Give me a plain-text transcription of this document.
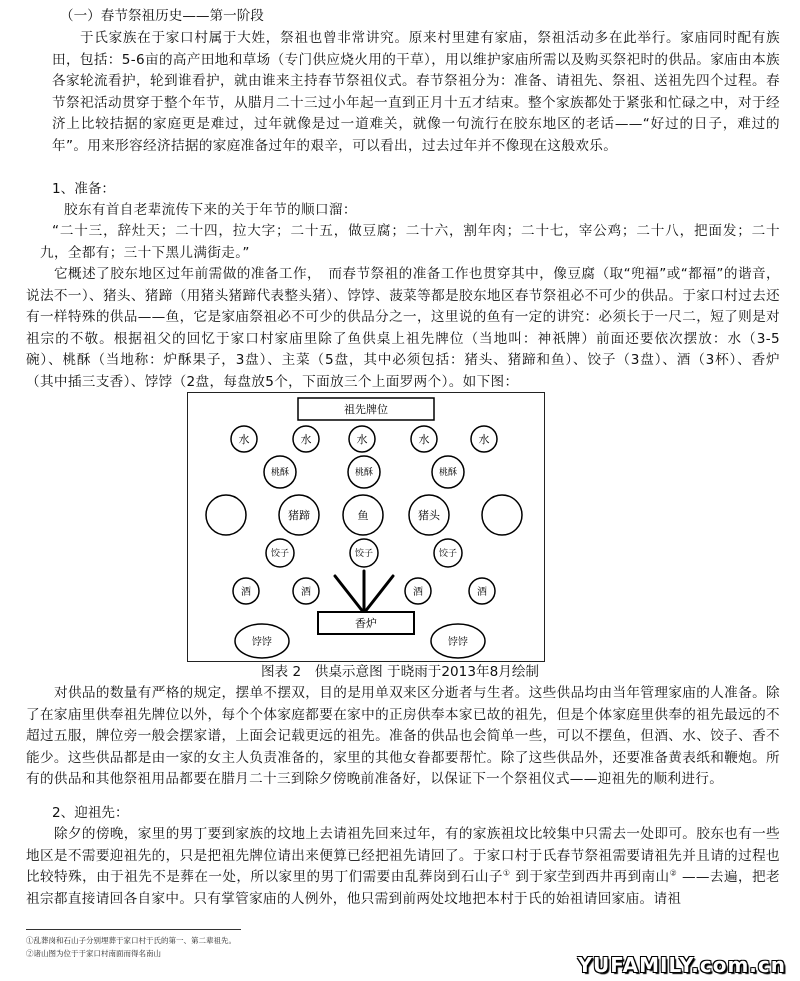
（一）春节祭祖历史——第一阶段

于氏家族在于家口村属于大姓，祭祖也曾非常讲究。原来村里建有家庙，祭祖活动多在此举行。家庙同时配有族田，包括：5-6亩的高产田地和草场（专门供应烧火用的干草），用以维护家庙所需以及购买祭祀时的供品。家庙由本族各家轮流看护，轮到谁看护，就由谁来主持春节祭祖仪式。春节祭祖分为：准备、请祖先、祭祖、送祖先四个过程。春节祭祀活动贯穿于整个年节，从腊月二十三过小年起一直到正月十五才结束。整个家族都处于紧张和忙碌之中，对于经济上比较拮据的家庭更是难过，过年就像是过一道难关，就像一句流行在胶东地区的老话——“好过的日子，难过的年”。用来形容经济拮据的家庭准备过年的艰辛，可以看出，过去过年并不像现在这般欢乐。

1、准备：

胶东有首自老辈流传下来的关于年节的顺口溜：

“二十三，辞灶天；二十四，拉大字；二十五，做豆腐；二十六，割年肉；二十七，宰公鸡；二十八，把面发；二十九，全都有；三十下黑儿满街走。”

它概述了胶东地区过年前需做的准备工作，　而春节祭祖的准备工作也贯穿其中，像豆腐（取“兜福”或“都福”的谐音，说法不一）、猪头、猪蹄（用猪头猪蹄代表整头猪）、饽饽、菠菜等都是胶东地区春节祭祖必不可少的供品。于家口村过去还有一样特殊的供品——鱼，它是家庙祭祖必不可少的供品分之一，这里说的鱼有一定的讲究：必须长于一尺二，短了则是对祖宗的不敬。根据祖父的回忆于家口村家庙里除了鱼供桌上祖先牌位（当地叫：神祇牌）前面还要依次摆放：水（3-5碗）、桃酥（当地称：炉酥果子，3盘）、主菜（5盘，其中必须包括：猪头、猪蹄和鱼）、饺子（3盘）、酒（3杯）、香炉（其中插三支香）、饽饽（2盘，每盘放5个，下面放三个上面罗两个）。如下图：

祖先牌位
水	水	水	水	水
桃酥	桃酥	桃酥
猪蹄	鱼	猪头
饺子	饺子	饺子
酒	酒	酒	酒
香炉
饽饽	饽饽
图表 2　供桌示意图 于晓雨于2013年8月绘制

对供品的数量有严格的规定，摆单不摆双，目的是用单双来区分逝者与生者。这些供品均由当年管理家庙的人准备。除了在家庙里供奉祖先牌位以外，每个个体家庭都要在家中的正房供奉本家已故的祖先，但是个体家庭里供奉的祖先最远的不超过五服，牌位旁一般会摆家谱，上面会记载更远的祖先。准备的供品也会简单一些，可以不摆鱼，但酒、水、饺子、香不能少。这些供品都是由一家的女主人负责准备的，家里的其他女眷都要帮忙。除了这些供品外，还要准备黄表纸和鞭炮。所有的供品和其他祭祖用品都要在腊月二十三到除夕傍晚前准备好，以保证下一个祭祖仪式——迎祖先的顺利进行。

2、迎祖先：

除夕的傍晚，家里的男丁要到家族的坟地上去请祖先回来过年，有的家族祖坟比较集中只需去一处即可。胶东也有一些地区是不需要迎祖先的，只是把祖先牌位请出来便算已经把祖先请回了。于家口村于氏春节祭祖需要请祖先并且请的过程也比较特殊，由于祖先不是葬在一处，所以家里的男丁们需要由乱葬岗到石山子① 到于家茔到西井再到南山② ——去遍，把老祖宗都直接请回各自家中。只有掌管家庙的人例外，他只需到前两处坟地把本村于氏的始祖请回家庙。请祖

①乱葬岗和石山子分别埋葬于家口村于氏的第一、第二辈祖先。
②诸山图为位于于家口村南面而得名南山	YUFAMILY.com.cn
